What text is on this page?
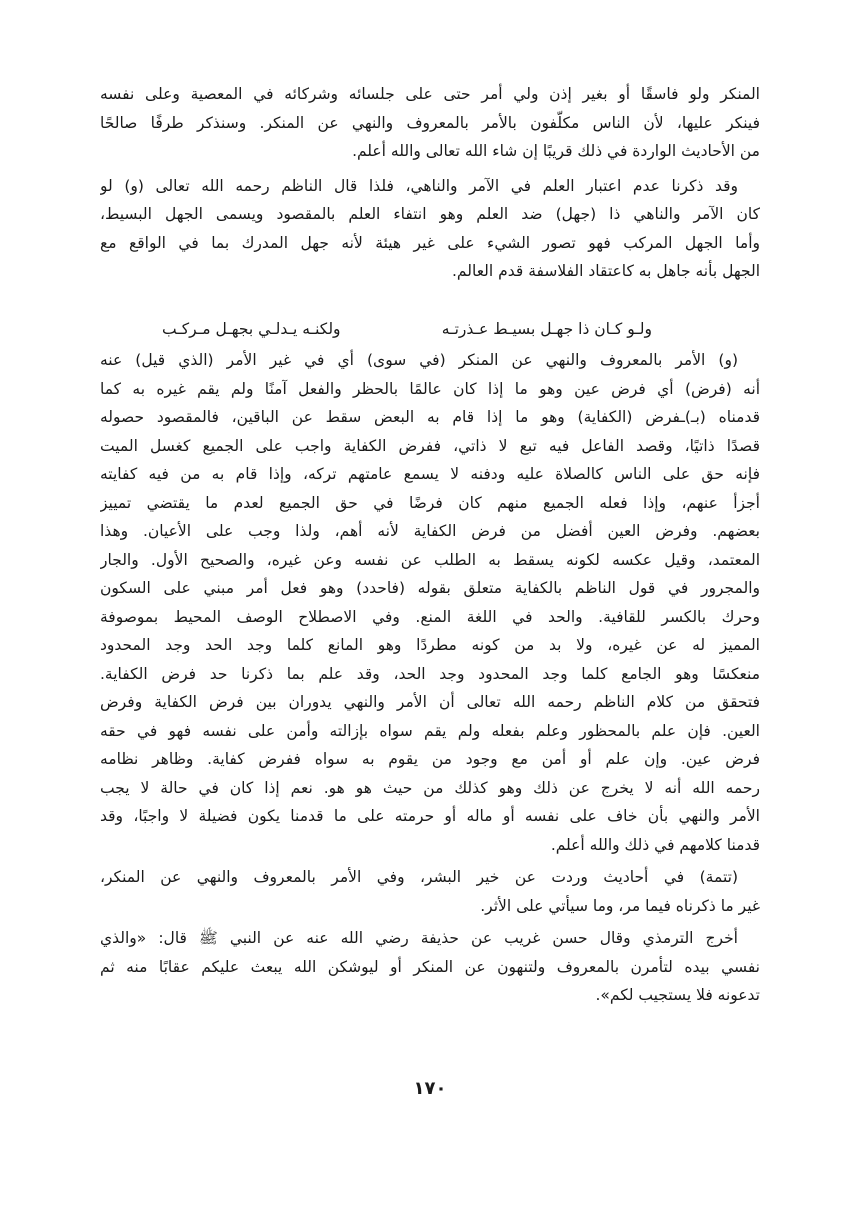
المنكر ولو فاسقًا أو بغير إذن ولي أمر حتى على جلسائه وشركائه في المعصية وعلى نفسه
فينكر عليها، لأن الناس مكلّفون بالأمر بالمعروف والنهي عن المنكر. وسنذكر طرفًا صالحًا
من الأحاديث الواردة في ذلك قريبًا إن شاء الله تعالى والله أعلم.
وقد ذكرنا عدم اعتبار العلم في الآمر والناهي، فلذا قال الناظم رحمه الله تعالى (و) لو
كان الآمر والناهي ذا (جهل) ضد العلم وهو انتفاء العلم بالمقصود ويسمى الجهل البسيط،
وأما الجهل المركب فهو تصور الشيء على غير هيئة لأنه جهل المدرك بما في الواقع مع
الجهل بأنه جاهل به كاعتقاد الفلاسفة قدم العالم.
ولـو كـان ذا جهـل بسيـط عـذرتـه
ولكنـه يـدلـي بجهـل مـركـب
(و) الأمر بالمعروف والنهي عن المنكر (في سوى) أي في غير الأمر (الذي قيل) عنه
أنه (فرض) أي فرض عين وهو ما إذا كان عالمًا بالحظر والفعل آمنًا ولم يقم غيره به كما
قدمناه (بـ)ـفرض (الكفاية) وهو ما إذا قام به البعض سقط عن الباقين، فالمقصود حصوله
قصدًا ذاتيًا، وقصد الفاعل فيه تبع لا ذاتي، ففرض الكفاية واجب على الجميع كغسل الميت
فإنه حق على الناس كالصلاة عليه ودفنه لا يسمع عامتهم تركه، وإذا قام به من فيه كفايته
أجزأ عنهم، وإذا فعله الجميع منهم كان فرضًا في حق الجميع لعدم ما يقتضي تمييز
بعضهم. وفرض العين أفضل من فرض الكفاية لأنه أهم، ولذا وجب على الأعيان. وهذا
المعتمد، وقيل عكسه لكونه يسقط به الطلب عن نفسه وعن غيره، والصحيح الأول. والجار
والمجرور في قول الناظم بالكفاية متعلق بقوله (فاحدد) وهو فعل أمر مبني على السكون
وحرك بالكسر للقافية. والحد في اللغة المنع. وفي الاصطلاح الوصف المحيط بموصوفة
المميز له عن غيره، ولا بد من كونه مطردًا وهو المانع كلما وجد الحد وجد المحدود
منعكسًا وهو الجامع كلما وجد المحدود وجد الحد، وقد علم بما ذكرنا حد فرض الكفاية.
فتحقق من كلام الناظم رحمه الله تعالى أن الأمر والنهي يدوران بين فرض الكفاية وفرض
العين. فإن علم بالمحظور وعلم بفعله ولم يقم سواه بإزالته وأمن على نفسه فهو في حقه
فرض عين. وإن علم أو أمن مع وجود من يقوم به سواه ففرض كفاية. وظاهر نظامه
رحمه الله أنه لا يخرج عن ذلك وهو كذلك من حيث هو هو. نعم إذا كان في حالة لا يجب
الأمر والنهي بأن خاف على نفسه أو ماله أو حرمته على ما قدمنا يكون فضيلة لا واجبًا، وقد
قدمنا كلامهم في ذلك والله أعلم.
(تتمة) في أحاديث وردت عن خير البشر، وفي الأمر بالمعروف والنهي عن المنكر،
غير ما ذكرناه فيما مر، وما سيأتي على الأثر.
أخرج الترمذي وقال حسن غريب عن حذيفة رضي الله عنه عن النبي ﷺ قال: «والذي
نفسي بيده لتأمرن بالمعروف ولتنهون عن المنكر أو ليوشكن الله يبعث عليكم عقابًا منه ثم
تدعونه فلا يستجيب لكم».
١٧٠
